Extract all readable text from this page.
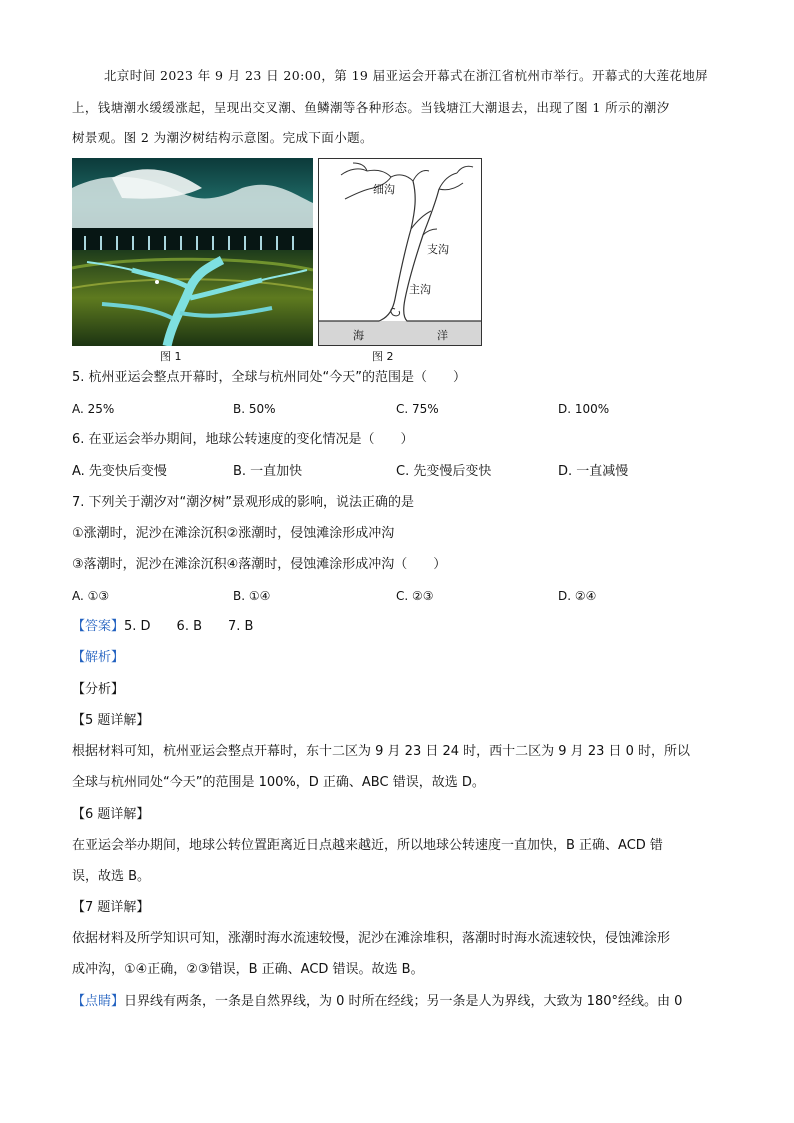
北京时间 2023 年 9 月 23 日 20:00，第 19 届亚运会开幕式在浙江省杭州市举行。开幕式的大莲花地屏
上，钱塘潮水缓缓涨起，呈现出交叉潮、鱼鳞潮等各种形态。当钱塘江大潮退去，出现了图 1 所示的潮汐
树景观。图 2 为潮汐树结构示意图。完成下面小题。
细沟
支沟
主沟
海	洋
图 1	图 2
5. 杭州亚运会整点开幕时，全球与杭州同处“今天”的范围是（　　）
A. 25%	B. 50%	C. 75%	D. 100%
6. 在亚运会举办期间，地球公转速度的变化情况是（　　）
A. 先变快后变慢	B. 一直加快	C. 先变慢后变快	D. 一直减慢
7. 下列关于潮汐对“潮汐树”景观形成的影响，说法正确的是
①涨潮时，泥沙在滩涂沉积②涨潮时，侵蚀滩涂形成冲沟
③落潮时，泥沙在滩涂沉积④落潮时，侵蚀滩涂形成冲沟（　　）
A. ①③	B. ①④	C. ②③	D. ②④
【答案】5. D　　6. B　　7. B
【解析】
【分析】
【5 题详解】
根据材料可知，杭州亚运会整点开幕时，东十二区为 9 月 23 日 24 时，西十二区为 9 月 23 日 0 时，所以
全球与杭州同处“今天”的范围是 100%，D 正确、ABC 错误，故选 D。
【6 题详解】
在亚运会举办期间，地球公转位置距离近日点越来越近，所以地球公转速度一直加快，B 正确、ACD 错
误，故选 B。
【7 题详解】
依据材料及所学知识可知，涨潮时海水流速较慢，泥沙在滩涂堆积，落潮时时海水流速较快，侵蚀滩涂形
成冲沟，①④正确，②③错误，B 正确、ACD 错误。故选 B。
【点睛】日界线有两条，一条是自然界线，为 0 时所在经线；另一条是人为界线，大致为 180°经线。由 0
